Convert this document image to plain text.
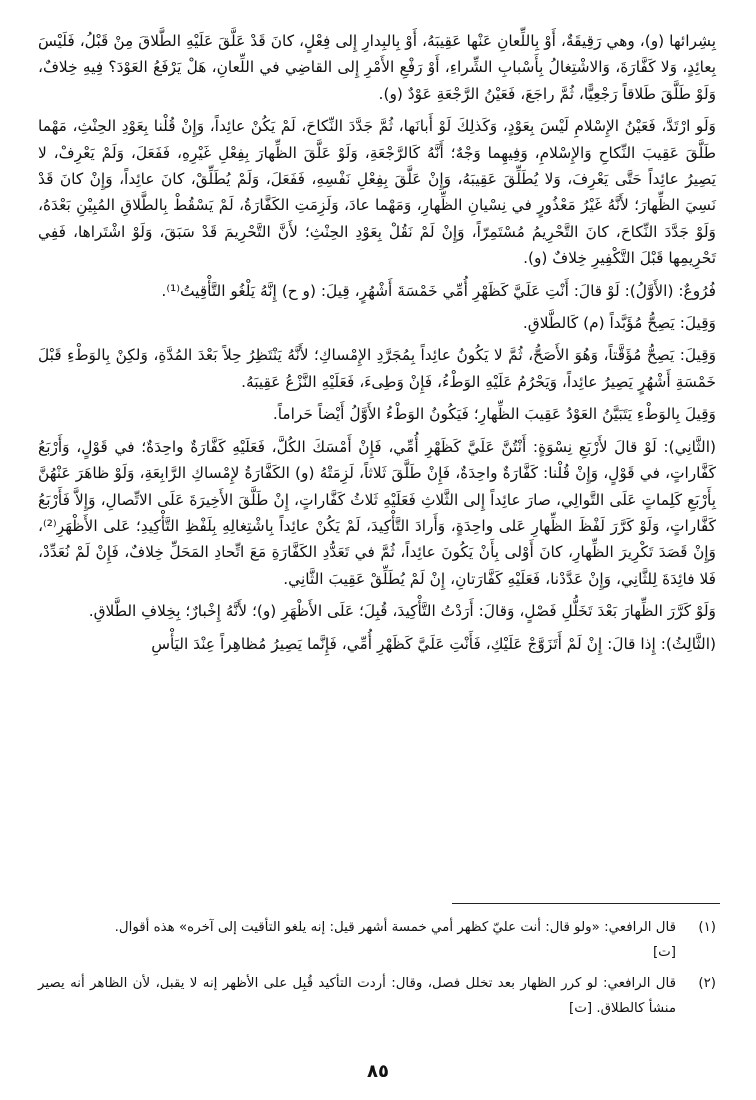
بِشِرائها (و)، وهي رَقِيقَةٌ، أَوْ بِاللِّعانِ عَنْها عَقِيبَهُ، أَوْ بِالبِدارِ إِلى فِعْلٍ، كانَ قَدْ عَلَّقَ عَلَيْهِ الطَّلاقَ مِنْ قَبْلُ، فَلَيْسَ بِعائِدٍ، وَلا كَفَّارَةَ، وَالاشْتِغالُ بِأَسْبابِ الشِّراءِ، أَوْ رَفْعِ الأَمْرِ إِلى القاضِي في اللِّعانِ، هَلْ يَرْفَعُ العَوْدَ؟ فِيهِ خِلافٌ، وَلَوْ طَلَّقَ طَلاقاً رَجْعِيًّا، ثُمَّ راجَعَ، فَعَيْنُ الرَّجْعَةِ عَوْدٌ (و).

وَلَو ارْتَدَّ، فَعَيْنُ الإِسْلامِ لَيْسَ بِعَوْدٍ، وَكَذلِكَ لَوْ أَبانَها، ثُمَّ جَدَّدَ النِّكاحَ، لَمْ يَكُنْ عائِداً، وَإِنْ قُلْنا بِعَوْدِ الحِنْثِ، مَهْما طَلَّقَ عَقِيبَ النِّكاحِ وَالإِسْلامِ، وَفِيهِما وَجْهٌ؛ أَنَّهُ كَالرَّجْعَةِ، وَلَوْ عَلَّقَ الظِّهارَ بِفِعْلِ غَيْرِهِ، فَفَعَلَ، وَلَمْ يَعْرِفْ، لا يَصِيرُ عائِداً حَتَّى يَعْرِفَ، وَلا يُطَلِّقَ عَقِيبَهُ، وَإِنْ عَلَّقَ بِفِعْلِ نَفْسِهِ، فَفَعَلَ، وَلَمْ يُطَلِّقْ، كانَ عائِداً، وَإِنْ كانَ قَدْ نَسِيَ الظِّهارَ؛ لأَنَّهُ غَيْرُ مَعْذُورٍ في نِسْيانِ الظِّهارِ، وَمَهْما عادَ، وَلَزِمَتِ الكَفَّارَةُ، لَمْ يَسْقُطْ بِالطَّلاقِ المُبِيْنِ بَعْدَهُ، وَلَوْ جَدَّدَ النِّكاحَ، كانَ التَّحْرِيمُ مُسْتَمِرّاً، وَإِنْ لَمْ نَقُلْ بِعَوْدِ الحِنْثِ؛ لأَنَّ التَّحْرِيمَ قَدْ سَبَقَ، وَلَوْ اشْتَراها، فَفِي تَحْرِيمِها قَبْلَ التَّكْفِيرِ خِلافٌ (و).

فُرُوعٌ: (الأَوَّلُ): لَوْ قالَ: أَنْتِ عَلَيَّ كَظَهْرِ أُمِّي خَمْسَةَ أَشْهُرٍ، قِيلَ: (و ح) إِنَّهُ يَلْغُو التَّأْقِيتُ⁽¹⁾.

وَقِيلَ: يَصِحُّ مُؤَبَّداً (م) كَالطَّلاقِ.

وَقِيلَ: يَصِحُّ مُؤَقَّتاً، وَهُوَ الأَصَحُّ، ثُمَّ لا يَكُونُ عائِداً بِمُجَرَّدِ الإِمْساكِ؛ لأَنَّهُ يَنْتَظِرُ حِلاً بَعْدَ المُدَّةِ، وَلكِنْ بِالوَطْءِ قَبْلَ خَمْسَةِ أَشْهُرٍ يَصِيرُ عائِداً، وَيَحْرُمُ عَلَيْهِ الوَطْءُ، فَإِنْ وَطِىءَ، فَعَلَيْهِ النَّزْعُ عَقِيبَهُ.

وَقِيلَ بِالوَطْءِ يَتَبَيَّنُ العَوْدُ عَقِيبَ الظِّهارِ؛ فَيَكُونُ الوَطْءُ الأَوَّلُ أَيْضاً حَراماً.

(الثَّانِي): لَوْ قالَ لأَرْبَعِ نِسْوَةٍ: أَنْتُنَّ عَلَيَّ كَظَهْرِ أُمِّي، فَإِنْ أَمْسَكَ الكُلَّ، فَعَلَيْهِ كَفَّارَةٌ واحِدَةٌ؛ في قَوْلٍ، وَأَرْبَعُ كَفَّاراتٍ، في قَوْلٍ، وَإِنْ قُلْنا: كَفَّارَةٌ واحِدَةٌ، فَإِنْ طَلَّقَ ثَلاثاً، لَزِمَتْهُ (و) الكَفَّارَةُ لإِمْساكِ الرَّابِعَةِ، وَلَوْ ظاهَرَ عَنْهُنَّ بِأَرْبَعِ كَلِماتٍ عَلَى التَّوالِي، صارَ عائِداً إِلى الثَّلاثِ فَعَلَيْهِ ثَلاثُ كَفَّاراتٍ، إِنْ طَلَّقَ الأَخِيرَةَ عَلَى الاتِّصالِ، وَإِلاَّ فَأَرْبَعُ كَفَّاراتٍ، وَلَوْ كَرَّرَ لَفْظَ الظِّهارِ عَلى واحِدَةٍ، وَأَرادَ التَّأْكِيدَ، لَمْ يَكُنْ عائِداً بِاشْتِغالِهِ بِلَفْظِ التَّأْكِيدِ؛ عَلى الأَظْهَرِ⁽²⁾، وَإِنْ قَصَدَ تَكْرِيرَ الظِّهارِ، كانَ أَوْلى بِأَنْ يَكُونَ عائِداً، ثُمَّ في تَعَدُّدِ الكَفَّارَةِ مَعَ اتِّحادِ المَحَلِّ خِلافٌ، فَإِنْ لَمْ نُعَدِّدْ، فَلا فائِدَةَ لِلثَّانِي، وَإِنْ عَدَّدْنا، فَعَلَيْهِ كَفَّارَتانِ، إِنْ لَمْ يُطَلِّقْ عَقِيبَ الثَّانِي.

وَلَوْ كَرَّرَ الظِّهارَ بَعْدَ تَخَلُّلِ فَصْلٍ، وَقالَ: أَرَدْتُ التَّأْكِيدَ، قُبِلَ؛ عَلَى الأَظْهَرِ (و)؛ لأَنَّهُ إِخْبارٌ؛ بِخِلافِ الطَّلاقِ.

(الثَّالِثُ): إِذا قالَ: إِنْ لَمْ أَتَزَوَّجْ عَلَيْكِ، فَأَنْتِ عَلَيَّ كَظَهْرِ أُمِّي، فَإِنَّما يَصِيرُ مُظاهِراً عِنْدَ اليَأْسِ

(١)
قال الرافعي: «ولو قال: أنت عليّ كظهر أمي خمسة أشهر قيل: إنه يلغو التأقيت إلى آخره» هذه أقوال.
[ت]
(٢)
قال الرافعي: لو كرر الظهار بعد تخلل فصل، وقال: أردت التأكيد قُبِل على الأظهر إنه لا يقبل، لأن الظاهر أنه يصير منشأ كالطلاق. [ت]
٨٥
